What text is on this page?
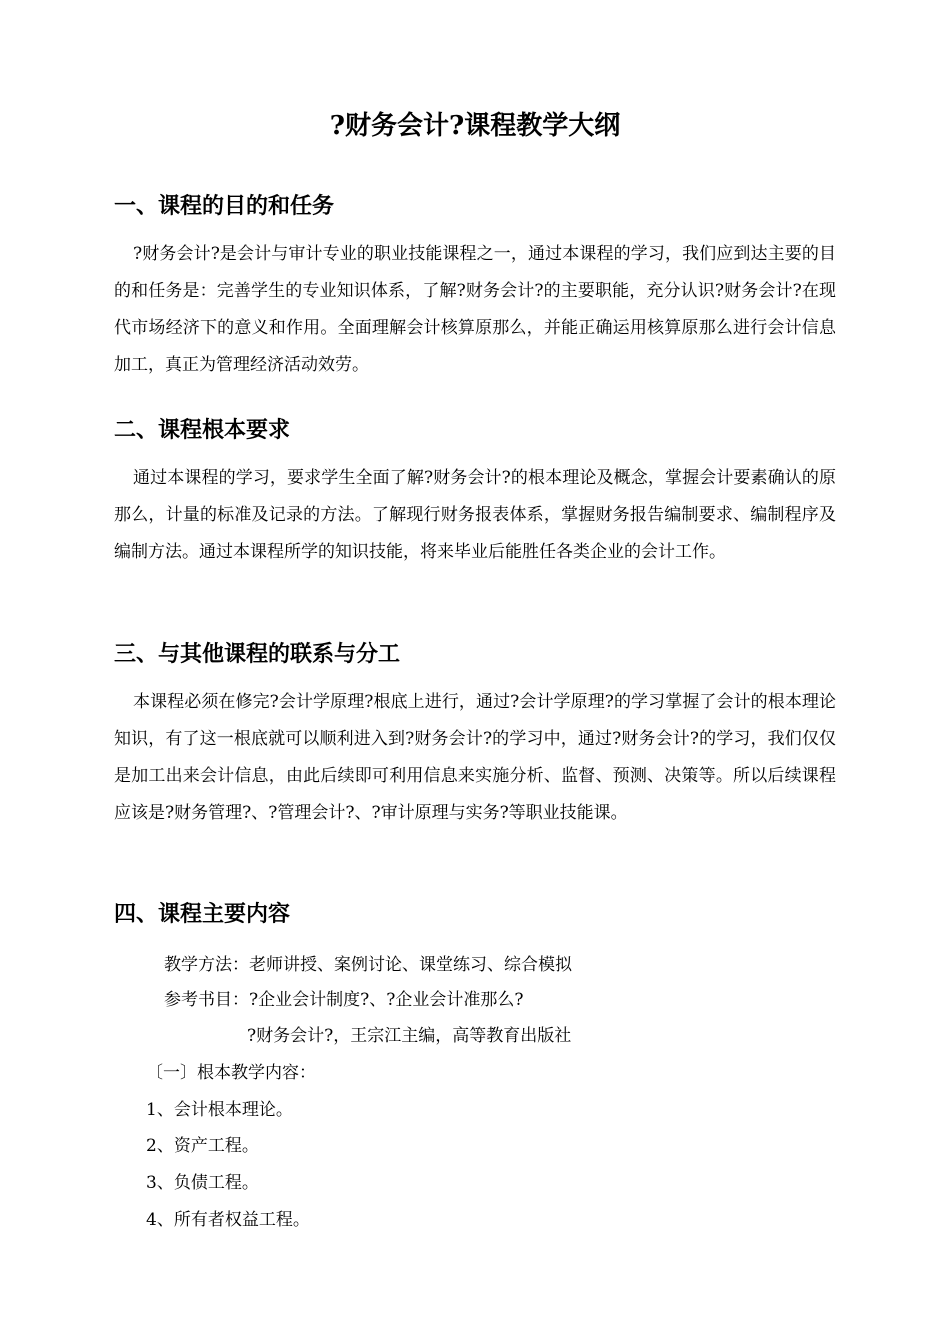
?财务会计?课程教学大纲
一、课程的目的和任务

?财务会计?是会计与审计专业的职业技能课程之一，通过本课程的学习，我们应到达主要的目的和任务是：完善学生的专业知识体系，了解?财务会计?的主要职能，充分认识?财务会计?在现代市场经济下的意义和作用。全面理解会计核算原那么，并能正确运用核算原那么进行会计信息加工，真正为管理经济活动效劳。

二、课程根本要求

通过本课程的学习，要求学生全面了解?财务会计?的根本理论及概念，掌握会计要素确认的原那么，计量的标准及记录的方法。了解现行财务报表体系，掌握财务报告编制要求、编制程序及编制方法。通过本课程所学的知识技能，将来毕业后能胜任各类企业的会计工作。

三、与其他课程的联系与分工

本课程必须在修完?会计学原理?根底上进行，通过?会计学原理?的学习掌握了会计的根本理论知识，有了这一根底就可以顺利进入到?财务会计?的学习中，通过?财务会计?的学习，我们仅仅是加工出来会计信息，由此后续即可利用信息来实施分析、监督、预测、决策等。所以后续课程应该是?财务管理?、?管理会计?、?审计原理与实务?等职业技能课。

四、课程主要内容

教学方法：老师讲授、案例讨论、课堂练习、综合模拟

参考书目：?企业会计制度?、?企业会计准那么?

?财务会计?，王宗江主编，高等教育出版社

〔一〕根本教学内容：

1、会计根本理论。

2、资产工程。

3、负债工程。

4、所有者权益工程。
